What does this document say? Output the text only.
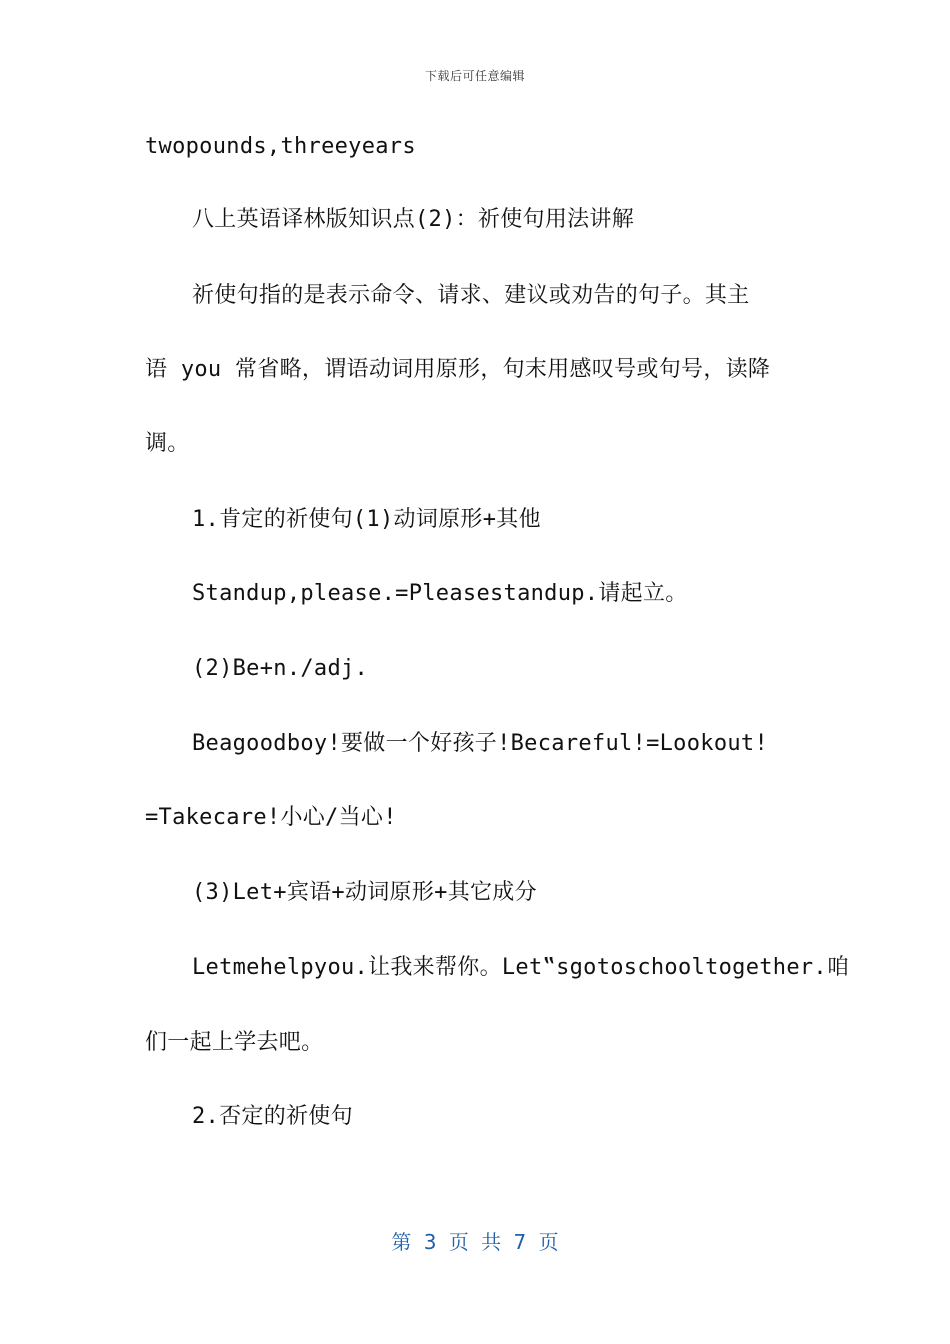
下载后可任意编辑
twopounds,threeyears
八上英语译林版知识点(2)：祈使句用法讲解
祈使句指的是表示命令、请求、建议或劝告的句子。其主
语 you 常省略，谓语动词用原形，句末用感叹号或句号，读降
调。
1.肯定的祈使句(1)动词原形+其他
Standup,please.=Pleasestandup.请起立。
(2)Be+n./adj.
Beagoodboy!要做一个好孩子!Becareful!=Lookout!
=Takecare!小心/当心!
(3)Let+宾语+动词原形+其它成分
Letmehelpyou.让我来帮你。Let‟sgotoschooltogether.咱
们一起上学去吧。
2.否定的祈使句
第 3 页 共 7 页
